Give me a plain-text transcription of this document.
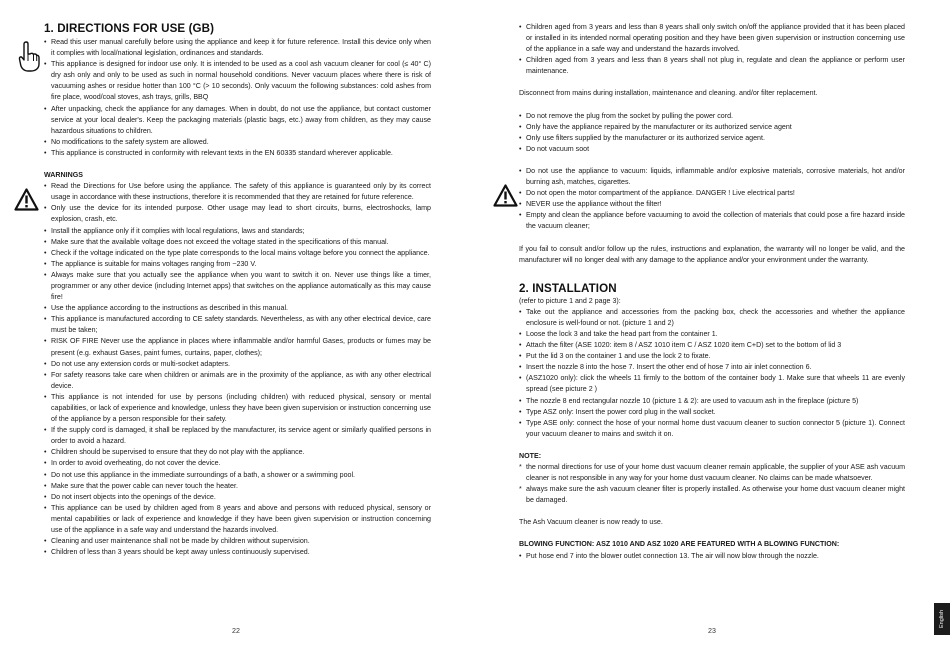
1. DIRECTIONS FOR USE (GB)
• Read this user manual carefully before using the appliance and keep it for future reference. Install this device only when it complies with local/national legislation, ordinances and standards.
• This appliance is designed for indoor use only. It is intended to be used as a cool ash vacuum cleaner for cool (≤ 40° C) dry ash only and only to be used as such in normal household conditions. Never vacuum places where there is risk of vacuuming ashes or residue hotter than 100 °C (> 10 seconds). Only vacuum the following substances: cold ashes from fire place, wood/coal stoves, ash trays, grills, BBQ
• After unpacking, check the appliance for any damages. When in doubt, do not use the appliance, but contact customer service at your local dealer's. Keep the packaging materials (plastic bags, etc.) away from children, as they may cause hazardous situations to children.
• No modifications to the safety system are allowed.
• This appliance is constructed in conformity with relevant texts in the EN 60335 standard wherever applicable.

WARNINGS

• Read the Directions for Use before using the appliance. The safety of this appliance is guaranteed only by its correct usage in accordance with these instructions, therefore it is recommended that they are retained for future reference.
• Only use the device for its intended purpose. Other usage may lead to short circuits, burns, electroshocks, lamp explosion, crash, etc.
• Install the appliance only if it complies with local regulations, laws and standards;
• Make sure that the available voltage does not exceed the voltage stated in the specifications of this manual.
• Check if the voltage indicated on the type plate corresponds to the local mains voltage before you connect the appliance.
• The appliance is suitable for mains voltages ranging from ~230 V.
• Always make sure that you actually see the appliance when you want to switch it on. Never use things like a timer, programmer or any other device (including Internet apps) that switches on the appliance automatically as this may cause fire!
• Use the appliance according to the instructions as described in this manual.
• This appliance is manufactured according to CE safety standards. Nevertheless, as with any other electrical device, care must be taken;
• RISK OF FIRE Never use the appliance in places where inflammable and/or harmful Gases, products or fumes may be present (e.g. exhaust Gases, paint fumes, curtains, paper, clothes);
• Do not use any extension cords or multi-socket adapters.
• For safety reasons take care when children or animals are in the proximity of the appliance, as with any other electrical device.
• This appliance is not intended for use by persons (including children) with reduced physical, sensory or mental capabilities, or lack of experience and knowledge, unless they have been given supervision or instruction concerning use of the appliance by a person responsible for their safety.
• If the supply cord is damaged, it shall be replaced by the manufacturer, its service agent or similarly qualified persons in order to avoid a hazard.
• Children should be supervised to ensure that they do not play with the appliance.
• In order to avoid overheating, do not cover the device.
• Do not use this appliance in the immediate surroundings of a bath, a shower or a swimming pool.
• Make sure that the power cable can never touch the heater.
• Do not insert objects into the openings of the device.
• This appliance can be used by children aged from 8 years and above and persons with reduced physical, sensory or mental capabilities or lack of experience and knowledge if they have been given supervision or instruction concerning use of the appliance in a safe way and understand the hazards involved.
• Cleaning and user maintenance shall not be made by children without supervision.
• Children of less than 3 years should be kept away unless continuously supervised.
22
• Children aged from 3 years and less than 8 years shall only switch on/off the appliance provided that it has been placed or installed in its intended normal operating position and they have been given supervision or instruction concerning use of the appliance in a safe way and understand the hazards involved.
• Children aged from 3 years and less than 8 years shall not plug in, regulate and clean the appliance or perform user maintenance.

Disconnect from mains during installation, maintenance and cleaning. and/or filter replacement.

• Do not remove the plug from the socket by pulling the power cord.
• Only have the appliance repaired by the manufacturer or its authorized service agent
• Only use filters supplied by the manufacturer or its authorized service agent.
• Do not vacuum soot
• Do not use the appliance to vacuum: liquids, inflammable and/or explosive materials, corrosive materials, hot and/or burning ash, matches, cigarettes.
• Do not open the motor compartment of the appliance. DANGER ! Live electrical parts!
• NEVER use the appliance without the filter!
• Empty and clean the appliance before vacuuming to avoid the collection of materials that could pose a fire hazard inside the vacuum cleaner;

If you fail to consult and/or follow up the rules, instructions and explanation, the warranty will no longer be valid, and the manufacturer will no longer deal with any damage to the appliance and/or your environment under the warranty.

2. INSTALLATION

(refer to picture 1 and 2 page 3):

• Take out the appliance and accessories from the packing box, check the accessories and whether the appliance enclosure is well-found or not. (picture 1 and 2)
• Loose the lock 3 and take the head part from the container 1.
• Attach the filter (ASE 1020: item 8 / ASZ 1010 item C / ASZ 1020 item C+D) set to the bottom of lid 3
• Put the lid 3 on the container 1 and use the lock 2 to fixate.
• Insert the nozzle 8 into the hose 7. Insert the other end of hose 7 into air inlet connection 6.
• (ASZ1020 only): click the wheels 11 firmly to the bottom of the container body 1. Make sure that wheels 11 are evenly spread (see picture 2 )
• The nozzle 8 end rectangular nozzle 10 (picture 1 & 2): are used to vacuum ash in the fireplace (picture 5)
• Type ASZ only: Insert the power cord plug in the wall socket.
• Type ASE only: connect the hose of your normal home dust vacuum cleaner to suction connector 5 (picture 1). Connect your vacuum cleaner to mains and switch it on.

NOTE:

* the normal directions for use of your home dust vacuum cleaner remain applicable, the supplier of your ASE ash vacuum cleaner is not responsible in any way for your home dust vacuum cleaner. No claims can be made whatsoever.
* always make sure the ash vacuum cleaner filter is properly installed. As otherwise your home dust vacuum cleaner might be damaged.

The Ash Vacuum cleaner is now ready to use.

BLOWING FUNCTION: ASZ 1010 AND ASZ 1020 ARE FEATURED WITH A BLOWING FUNCTION:

• Put hose end 7 into the blower outlet connection 13. The air will now blow through the nozzle.
23
English
